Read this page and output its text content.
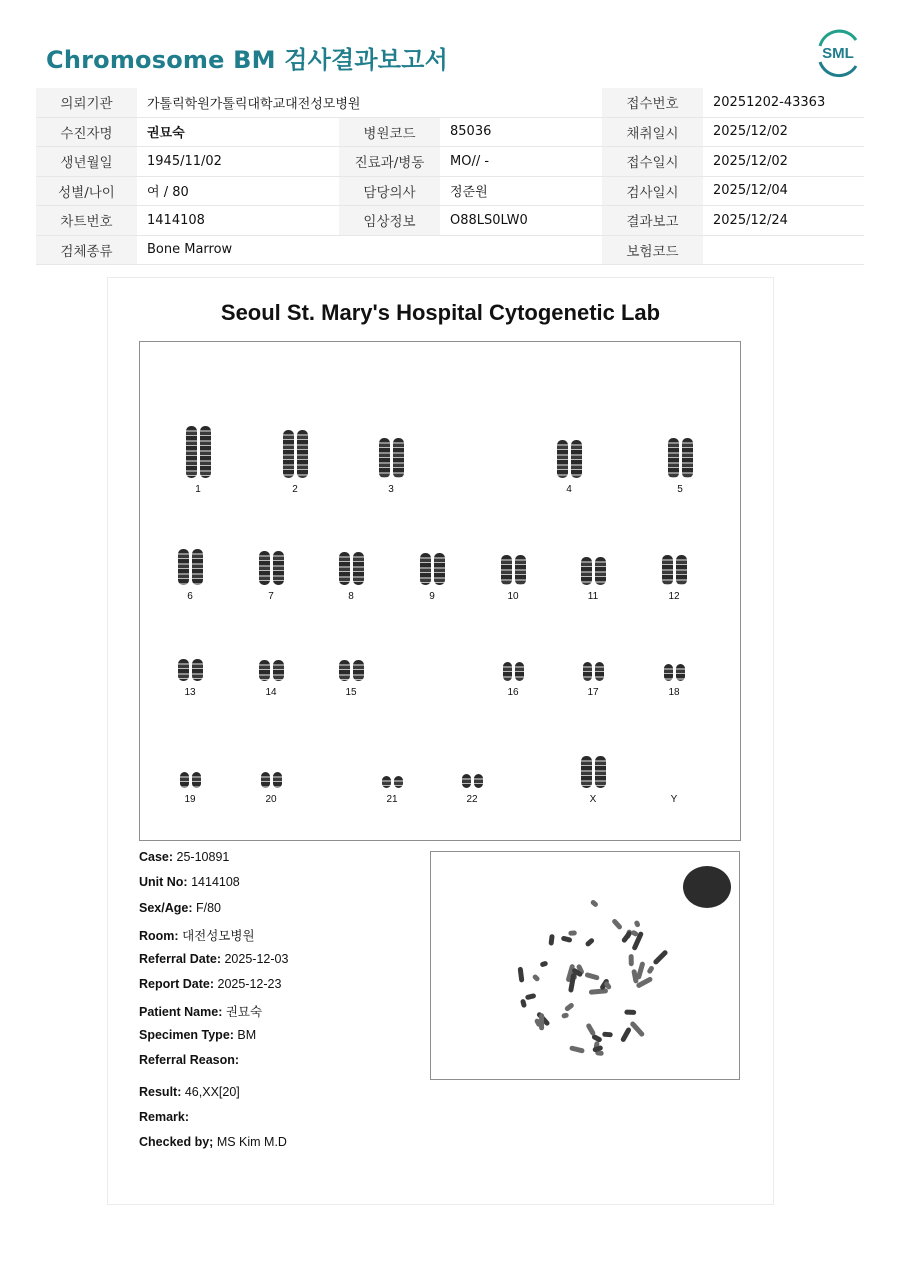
Chromosome BM 검사결과보고서	SML
의뢰기관	가톨릭학원가톨릭대학교대전성모병원			접수번호	20251202-43363
수진자명	권묘숙	병원코드	85036	채취일시	2025/12/02
생년월일	1945/11/02	진료과/병동	MO// -	접수일시	2025/12/02
성별/나이	여 / 80	담당의사	정준원	검사일시	2025/12/04
차트번호	1414108	임상정보	O88LS0LW0	결과보고	2025/12/24
검체종류	Bone Marrow			보험코드	
Seoul St. Mary's Hospital Cytogenetic Lab
1	2	3	4	5
6	7	8	9	10	11	12
13	14	15	16	17	18
19	20	21	22	X	Y
Case: 25-10891
Unit No: 1414108
Sex/Age: F/80
Room: 대전성모병원
Referral Date: 2025-12-03
Report Date: 2025-12-23
Patient Name: 권묘숙
Specimen Type: BM
Referral Reason:
Result: 46,XX[20]
Remark:
Checked by; MS Kim M.D
